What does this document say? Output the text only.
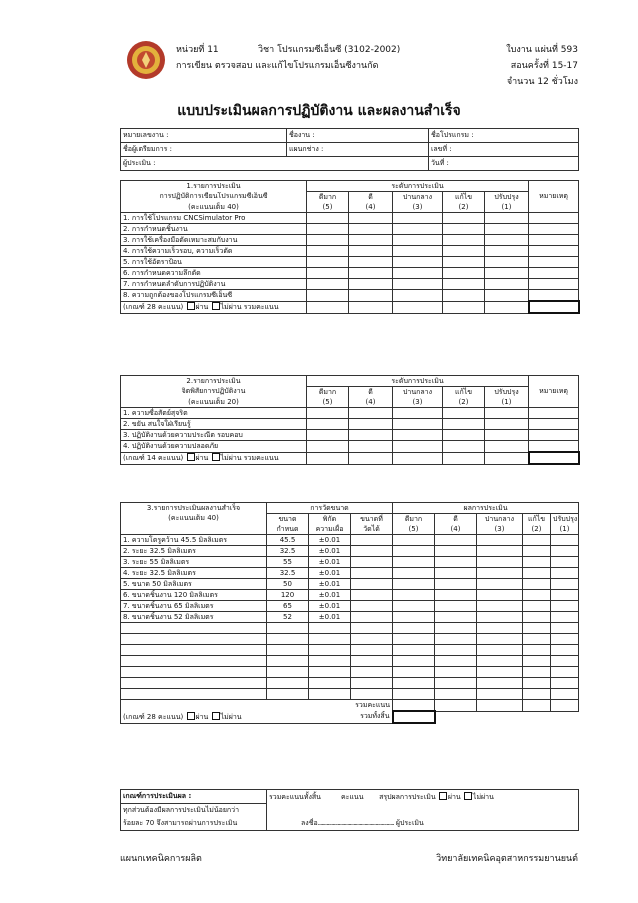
หน่วยที่ 11	วิชา โปรแกรมซีเอ็นซี (3102-2002)
การเขียน ตรวจสอบ และแก้ไขโปรแกรมเอ็นซีงานกัด
ใบงาน แผ่นที่ 593
สอนครั้งที่ 15-17
จำนวน 12 ชั่วโมง
แบบประเมินผลการปฏิบัติงาน และผลงานสำเร็จ
หมายเลขงาน :	ชื่องาน :	ชื่อโปรแกรม :
ชื่อผู้เตรียมการ :	แผนกช่าง :	เลขที่ :
ผู้ประเมิน :		วันที่ :
1.รายการประเมิน	ระดับการประเมิน					
การปฏิบัติการเขียนโปรแกรมซีเอ็นซี	ดีมาก	ดี	ปานกลาง	แก้ไข	ปรับปรุง	หมายเหตุ
(คะแนนเต็ม 40)	(5)	(4)	(3)	(2)	(1)	
1. การใช้โปรแกรม CNCSimulator Pro						
2. การกำหนดชิ้นงาน						
3. การใช้เครื่องมือตัดเหมาะสมกับงาน						
4. การใช้ความเร็วรอบ, ความเร็วตัด						
5. การใช้อัตราป้อน						
6. การกำหนดความลึกตัด						
7. การกำหนดลำดับการปฏิบัติงาน						
8. ความถูกต้องของโปรแกรมซีเอ็นซี						
(เกณฑ์ 28 คะแนน) ผ่าน ไม่ผ่าน รวมคะแนน						
2.รายการประเมิน	ระดับการประเมิน					
จิตพิสัยการปฏิบัติงาน	ดีมาก	ดี	ปานกลาง	แก้ไข	ปรับปรุง	หมายเหตุ
(คะแนนเต็ม 20)	(5)	(4)	(3)	(2)	(1)	
1. ความซื่อสัตย์สุจริต						
2. ขยัน สนใจใฝ่เรียนรู้						
3. ปฏิบัติงานด้วยความประณีต รอบคอบ						
4. ปฏิบัติงานด้วยความปลอดภัย						
(เกณฑ์ 14 คะแนน) ผ่าน ไม่ผ่าน รวมคะแนน						
3.รายการประเมินผลงานสำเร็จ	การวัดขนาด			ผลการประเมิน				
(คะแนนเต็ม 40)	ขนาด	พิกัด	ขนาดที่	ดีมาก	ดี	ปานกลาง	แก้ไข	ปรับปรุง
	กำหนด	ความเผื่อ	วัดได้	(5)	(4)	(3)	(2)	(1)
1. ความโตรูคว้าน 45.5 มิลลิเมตร	45.5	±0.01						
2. ระยะ 32.5 มิลลิเมตร	32.5	±0.01						
3. ระยะ 55 มิลลิเมตร	55	±0.01						
4. ระยะ 32.5 มิลลิเมตร	32.5	±0.01						
5. ขนาด 50 มิลลิเมตร	50	±0.01						
6. ขนาดชิ้นงาน 120 มิลลิเมตร	120	±0.01						
7. ขนาดชิ้นงาน 65 มิลลิเมตร	65	±0.01						
8. ขนาดชิ้นงาน 52 มิลลิเมตร	52	±0.01						

	รวมคะแนน							
(เกณฑ์ 28 คะแนน) ผ่าน ไม่ผ่าน		รวมทั้งสิ้น						
เกณฑ์การประเมินผล :	รวมคะแนนทั้งสิ้น คะแนน สรุปผลการประเมิน ผ่าน ไม่ผ่าน
ทุกส่วนต้องมีผลการประเมินไม่น้อยกว่า	
ร้อยละ 70 จึงสามารถผ่านการประเมิน	ลงชื่อ.............................................................. ผู้ประเมิน
แผนกเทคนิคการผลิต	วิทยาลัยเทคนิคอุตสาหกรรมยานยนต์
